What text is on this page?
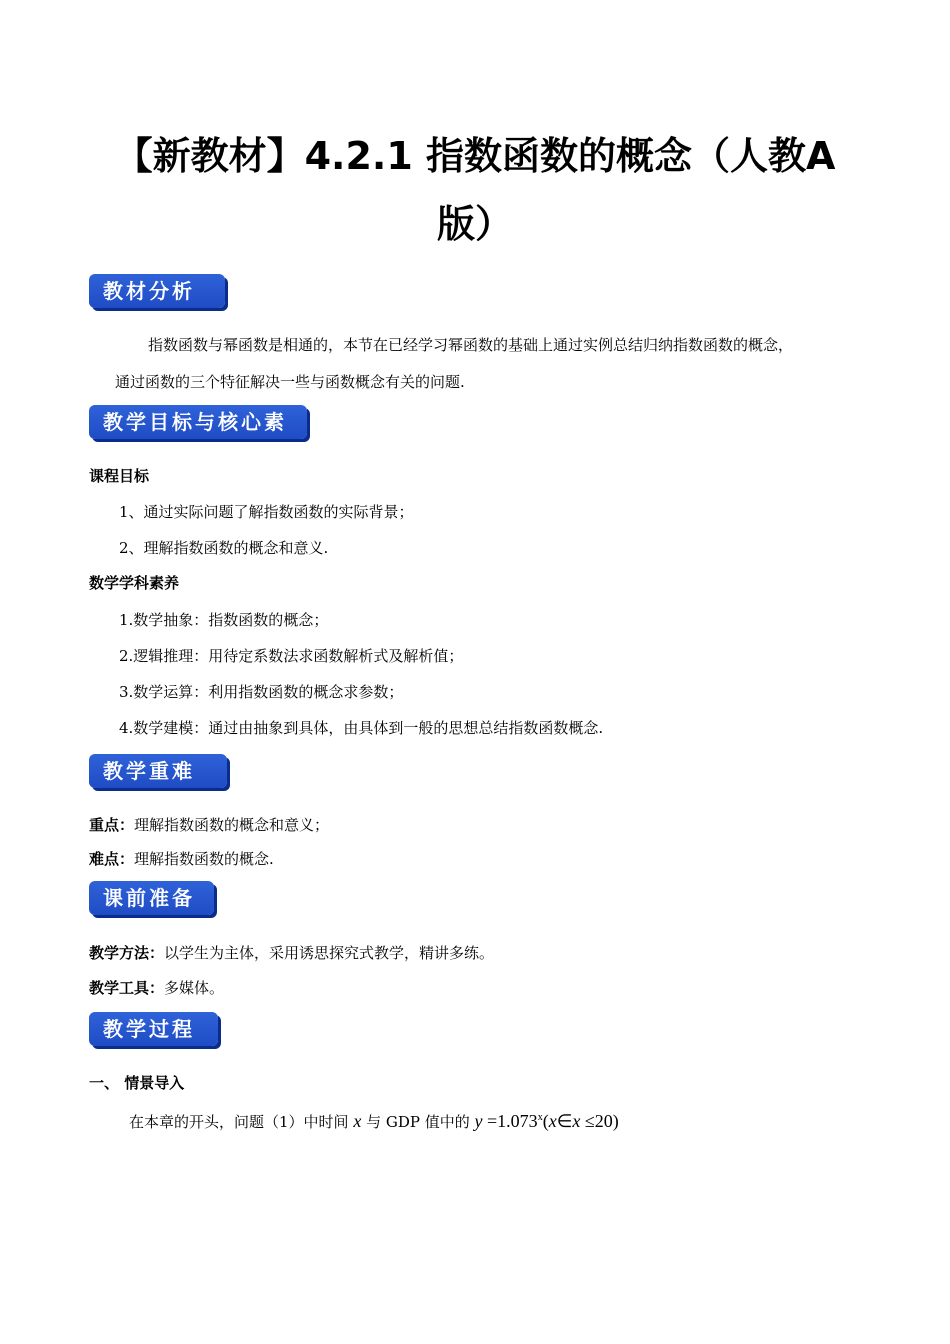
【新教材】4.2.1 指数函数的概念（人教A
版）
教材分析
指数函数与幂函数是相通的，本节在已经学习幂函数的基础上通过实例总结归纳指数函数的概念，
通过函数的三个特征解决一些与函数概念有关的问题.
教学目标与核心素养
课程目标
1、通过实际问题了解指数函数的实际背景；
2、理解指数函数的概念和意义.
数学学科素养
1.数学抽象：指数函数的概念；
2.逻辑推理：用待定系数法求函数解析式及解析值；
3.数学运算：利用指数函数的概念求参数；
4.数学建模：通过由抽象到具体，由具体到一般的思想总结指数函数概念.
教学重难点
重点：理解指数函数的概念和意义；
难点：理解指数函数的概念.
课前准备
教学方法：以学生为主体，采用诱思探究式教学，精讲多练。
教学工具：多媒体。
教学过程
一、 情景导入
在本章的开头，问题（1）中时间 x 与 GDP 值中的 $y =1.073^x(x\in x \le 20)$
